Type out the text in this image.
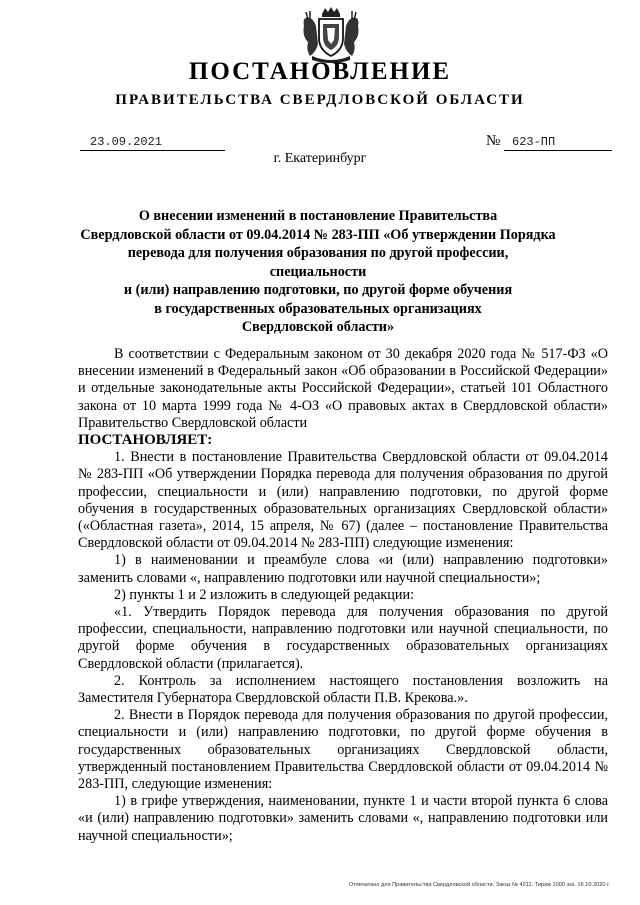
ПОСТАНОВЛЕНИЕ
ПРАВИТЕЛЬСТВА СВЕРДЛОВСКОЙ ОБЛАСТИ
23.09.2021	№ 623-ПП
г. Екатеринбург
О внесении изменений в постановление Правительства
Свердловской области от 09.04.2014 № 283-ПП «Об утверждении Порядка
перевода для получения образования по другой профессии, специальности
и (или) направлению подготовки, по другой форме обучения
в государственных образовательных организациях
Свердловской области»

В соответствии с Федеральным законом от 30 декабря 2020 года № 517-ФЗ «О внесении изменений в Федеральный закон «Об образовании в Российской Федерации» и отдельные законодательные акты Российской Федерации», статьей 101 Областного закона от 10 марта 1999 года № 4-ОЗ «О правовых актах в Свердловской области» Правительство Свердловской области

ПОСТАНОВЛЯЕТ:

1. Внести в постановление Правительства Свердловской области от 09.04.2014 № 283-ПП «Об утверждении Порядка перевода для получения образования по другой профессии, специальности и (или) направлению подготовки, по другой форме обучения в государственных образовательных организациях Свердловской области» («Областная газета», 2014, 15 апреля, № 67) (далее – постановление Правительства Свердловской области от 09.04.2014 № 283-ПП) следующие изменения:

1) в наименовании и преамбуле слова «и (или) направлению подготовки» заменить словами «, направлению подготовки или научной специальности»;

2) пункты 1 и 2 изложить в следующей редакции:

«1. Утвердить Порядок перевода для получения образования по другой профессии, специальности, направлению подготовки или научной специальности, по другой форме обучения в государственных образовательных организациях Свердловской области (прилагается).

2. Контроль за исполнением настоящего постановления возложить на Заместителя Губернатора Свердловской области П.В. Крекова.».

2. Внести в Порядок перевода для получения образования по другой профессии, специальности и (или) направлению подготовки, по другой форме обучения в государственных образовательных организациях Свердловской области, утвержденный постановлением Правительства Свердловской области от 09.04.2014 № 283-ПП, следующие изменения:

1) в грифе утверждения, наименовании, пункте 1 и части второй пункта 6 слова «и (или) направлению подготовки» заменить словами «, направлению подготовки или научной специальности»;

Отпечатано для Правительства Свердловской области. Заказ № 4211. Тираж 1000 экз. 16.10.2020 г.
